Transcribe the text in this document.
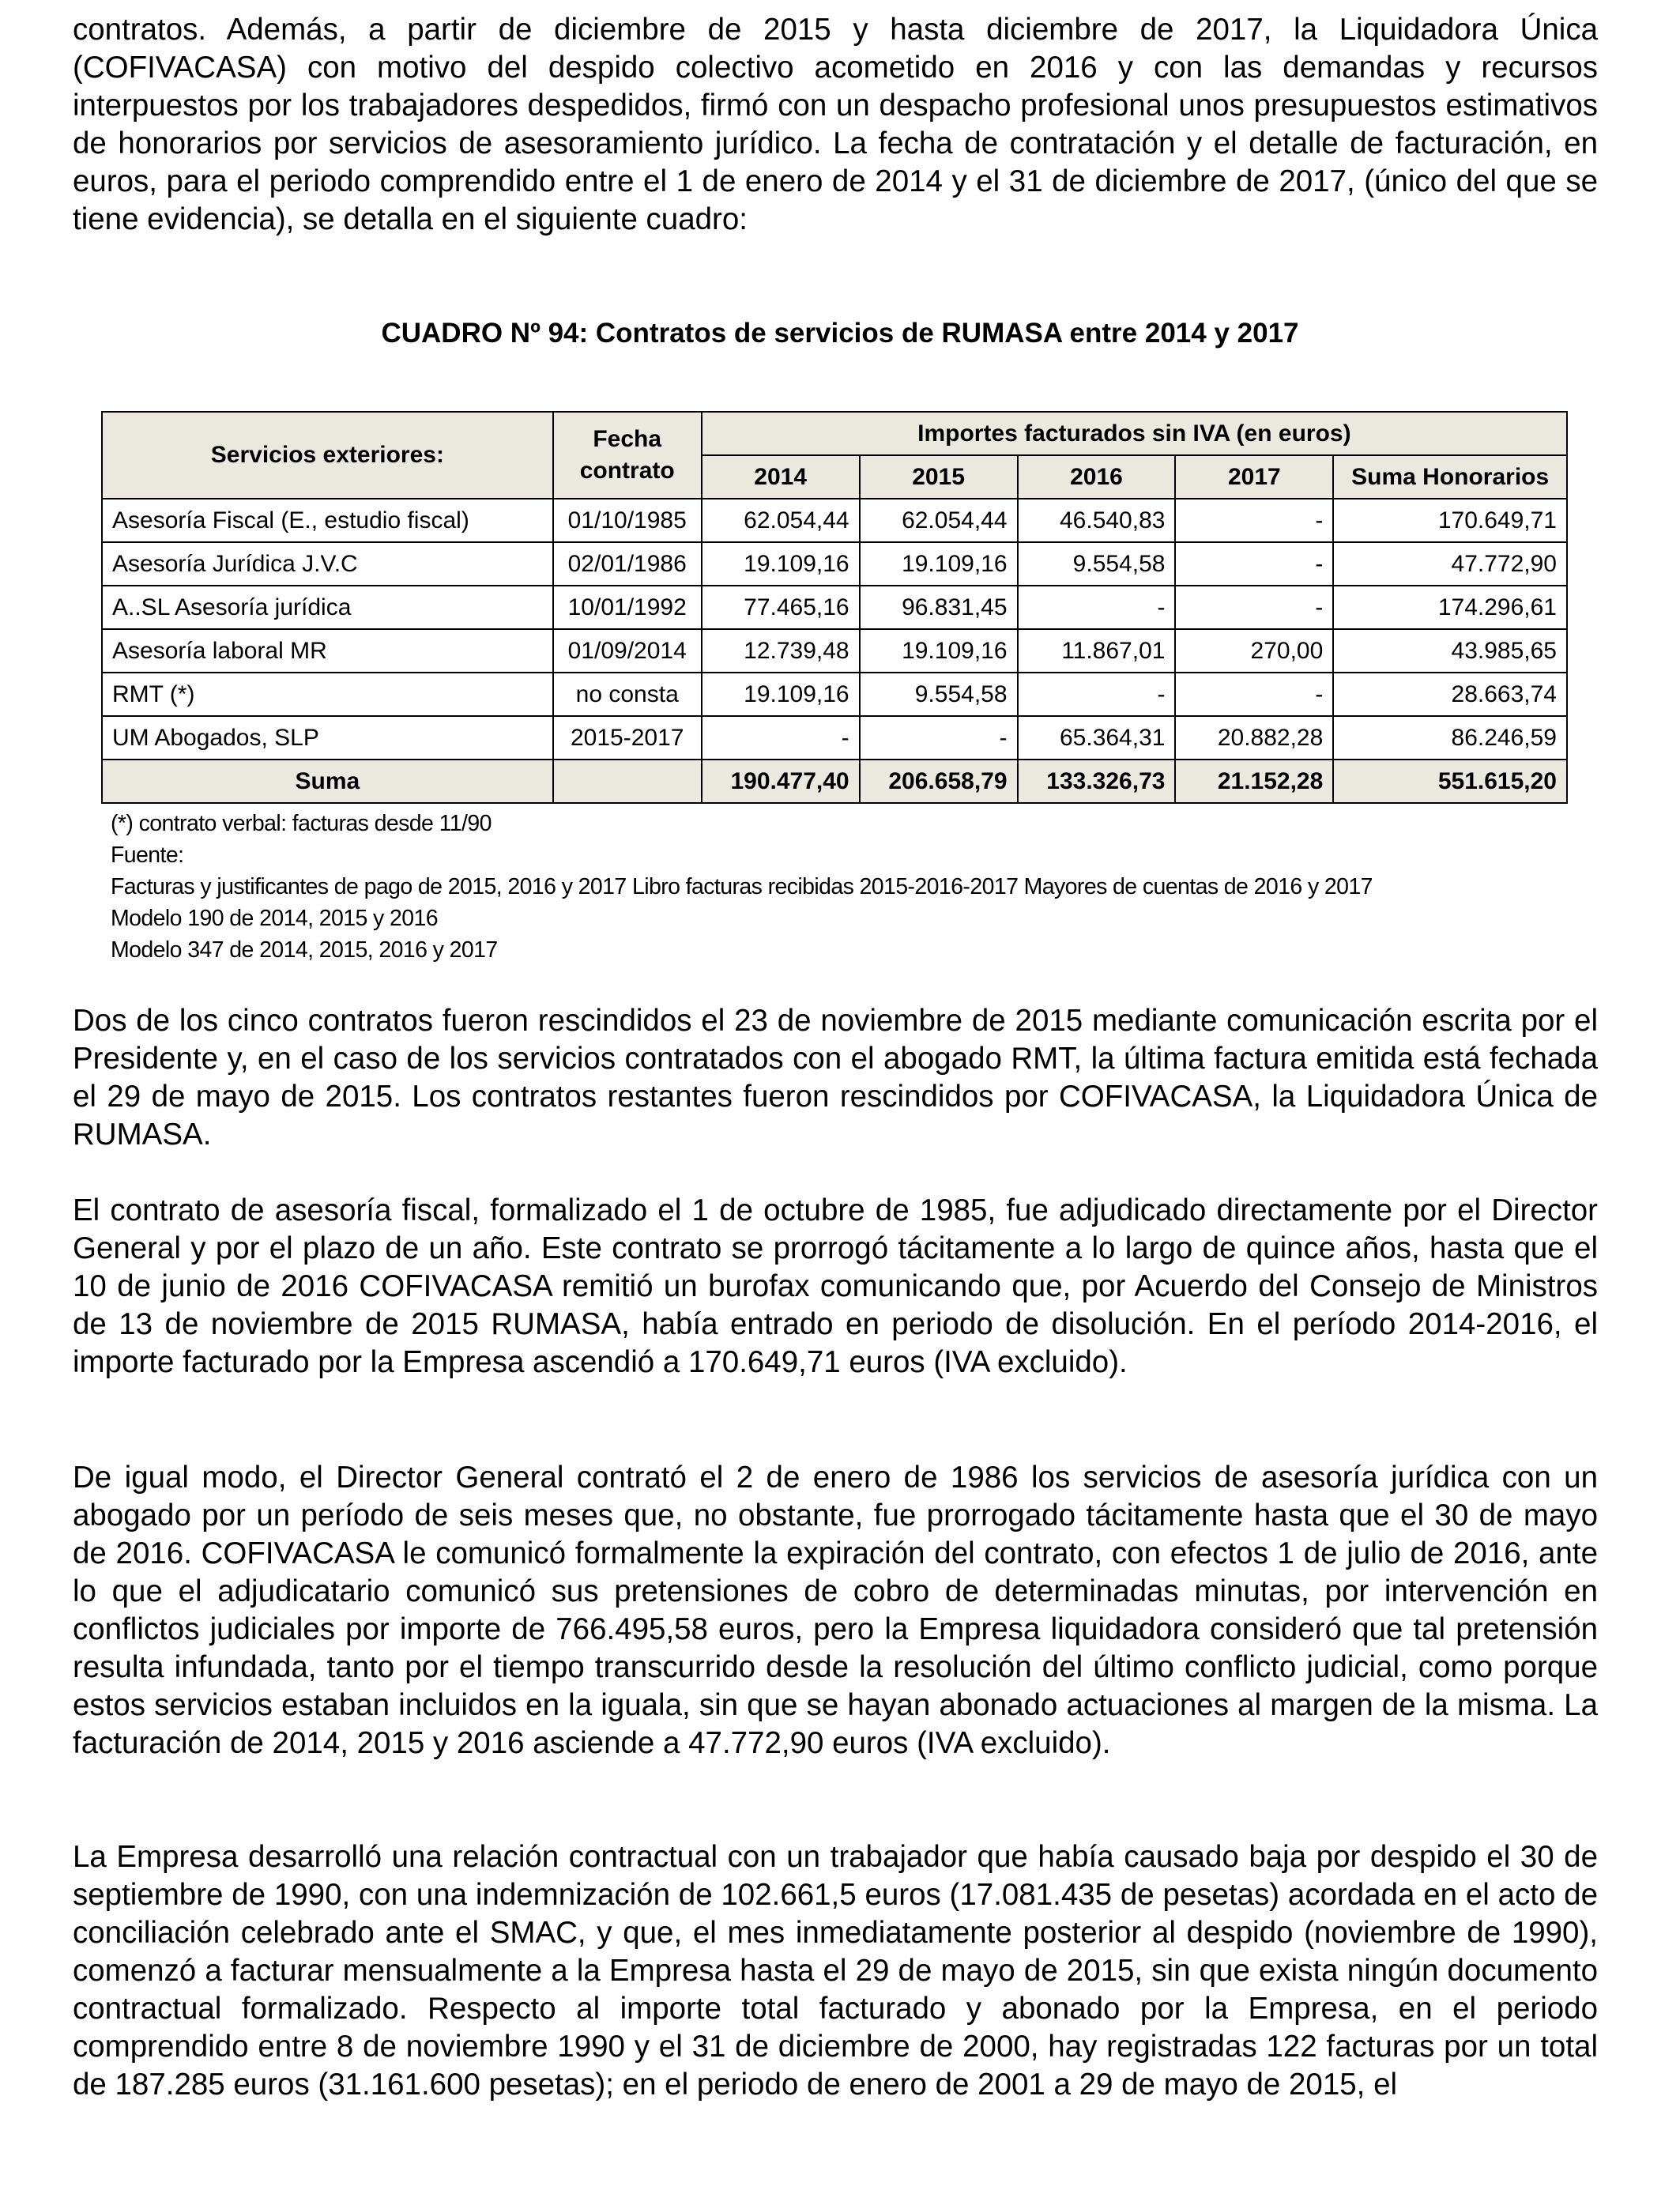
contratos. Además, a partir de diciembre de 2015 y hasta diciembre de 2017, la Liquidadora Única (COFIVACASA) con motivo del despido colectivo acometido en 2016 y con las demandas y recursos interpuestos por los trabajadores despedidos, firmó con un despacho profesional unos presupuestos estimativos de honorarios por servicios de asesoramiento jurídico. La fecha de contratación y el detalle de facturación, en euros, para el periodo comprendido entre el 1 de enero de 2014 y el 31 de diciembre de 2017, (único del que se tiene evidencia), se detalla en el siguiente cuadro:

CUADRO Nº 94: Contratos de servicios de RUMASA entre 2014 y 2017

Servicios exteriores:	Fecha contrato	Importes facturados sin IVA (en euros)				
		2014	2015	2016	2017	Suma Honorarios
Asesoría Fiscal (E., estudio fiscal)	01/10/1985	62.054,44	62.054,44	46.540,83	-	170.649,71
Asesoría Jurídica J.V.C	02/01/1986	19.109,16	19.109,16	9.554,58	-	47.772,90
A..SL Asesoría jurídica	10/01/1992	77.465,16	96.831,45	-	-	174.296,61
Asesoría laboral MR	01/09/2014	12.739,48	19.109,16	11.867,01	270,00	43.985,65
RMT (*)	no consta	19.109,16	9.554,58	-	-	28.663,74
UM Abogados, SLP	2015-2017	-	-	65.364,31	20.882,28	86.246,59
Suma		190.477,40	206.658,79	133.326,73	21.152,28	551.615,20
(*) contrato verbal: facturas desde 11/90
Fuente:
Facturas y justificantes de pago de 2015, 2016 y 2017 Libro facturas recibidas 2015-2016-2017 Mayores de cuentas de 2016 y 2017
Modelo 190 de 2014, 2015 y 2016
Modelo 347 de 2014, 2015, 2016 y 2017

Dos de los cinco contratos fueron rescindidos el 23 de noviembre de 2015 mediante comunicación escrita por el Presidente y, en el caso de los servicios contratados con el abogado RMT, la última factura emitida está fechada el 29 de mayo de 2015. Los contratos restantes fueron rescindidos por COFIVACASA, la Liquidadora Única de RUMASA.

El contrato de asesoría fiscal, formalizado el 1 de octubre de 1985, fue adjudicado directamente por el Director General y por el plazo de un año. Este contrato se prorrogó tácitamente a lo largo de quince años, hasta que el 10 de junio de 2016 COFIVACASA remitió un burofax comunicando que, por Acuerdo del Consejo de Ministros de 13 de noviembre de 2015 RUMASA, había entrado en periodo de disolución. En el período 2014-2016, el importe facturado por la Empresa ascendió a 170.649,71 euros (IVA excluido).

De igual modo, el Director General contrató el 2 de enero de 1986 los servicios de asesoría jurídica con un abogado por un período de seis meses que, no obstante, fue prorrogado tácitamente hasta que el 30 de mayo de 2016. COFIVACASA le comunicó formalmente la expiración del contrato, con efectos 1 de julio de 2016, ante lo que el adjudicatario comunicó sus pretensiones de cobro de determinadas minutas, por intervención en conflictos judiciales por importe de 766.495,58 euros, pero la Empresa liquidadora consideró que tal pretensión resulta infundada, tanto por el tiempo transcurrido desde la resolución del último conflicto judicial, como porque estos servicios estaban incluidos en la iguala, sin que se hayan abonado actuaciones al margen de la misma. La facturación de 2014, 2015 y 2016 asciende a 47.772,90 euros (IVA excluido).

La Empresa desarrolló una relación contractual con un trabajador que había causado baja por despido el 30 de septiembre de 1990, con una indemnización de 102.661,5 euros (17.081.435 de pesetas) acordada en el acto de conciliación celebrado ante el SMAC, y que, el mes inmediatamente posterior al despido (noviembre de 1990), comenzó a facturar mensualmente a la Empresa hasta el 29 de mayo de 2015, sin que exista ningún documento contractual formalizado. Respecto al importe total facturado y abonado por la Empresa, en el periodo comprendido entre 8 de noviembre 1990 y el 31 de diciembre de 2000, hay registradas 122 facturas por un total de 187.285 euros (31.161.600 pesetas); en el periodo de enero de 2001 a 29 de mayo de 2015, el
